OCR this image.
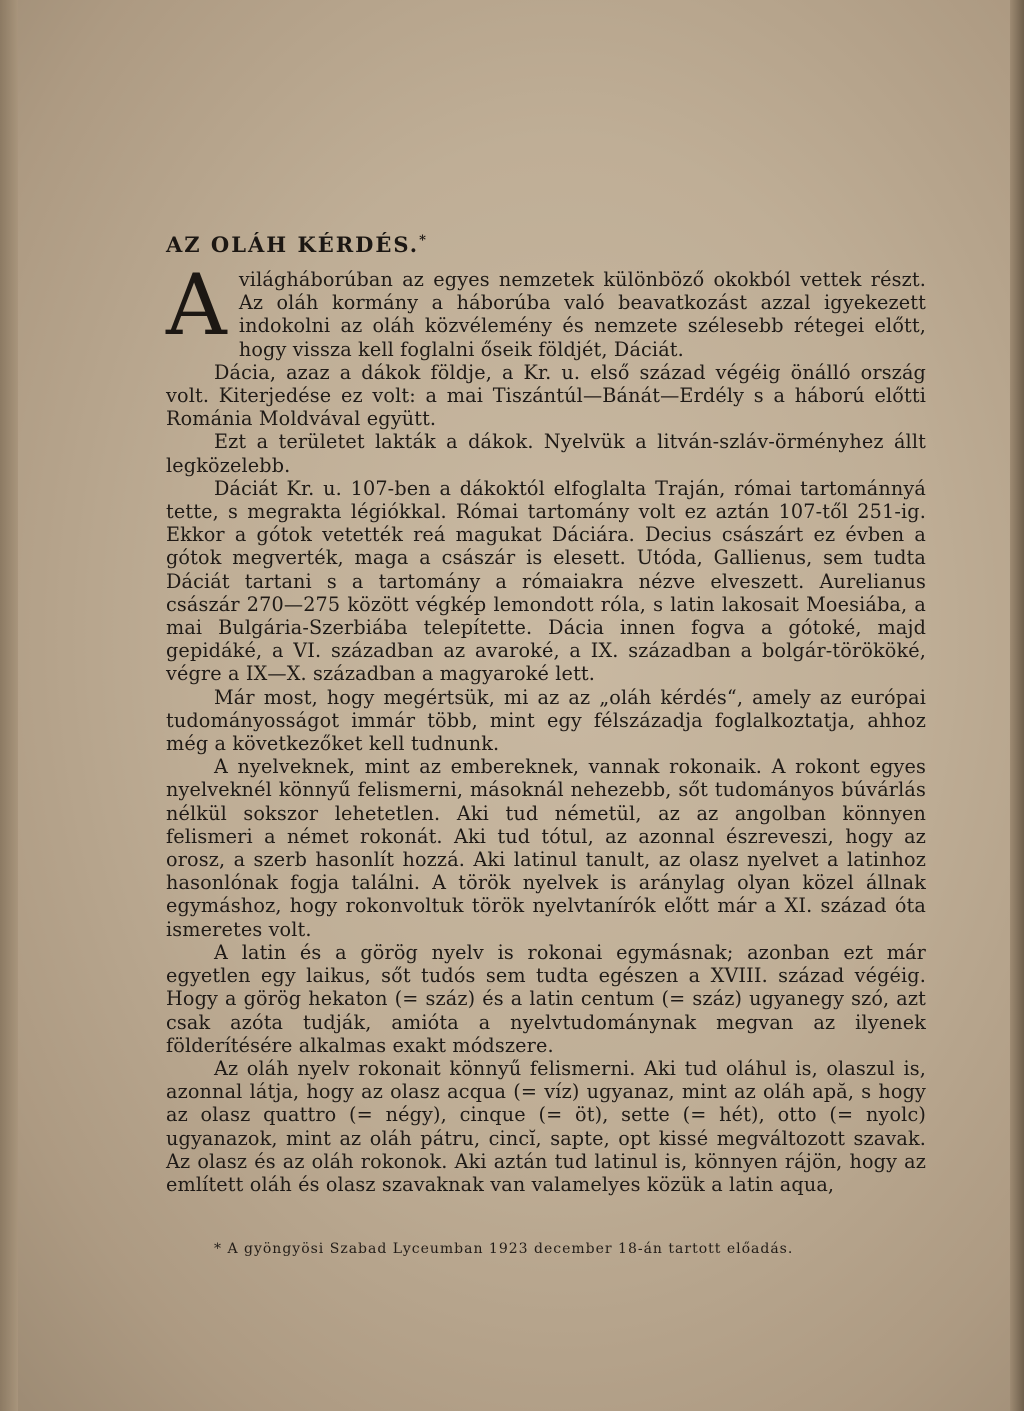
AZ OLÁH KÉRDÉS.*

Avilágháborúban az egyes nemzetek különböző okokból vettek részt. Az oláh kormány a háborúba való beavatkozást azzal igyekezett indokolni az oláh közvélemény és nemzete szélesebb rétegei előtt, hogy vissza kell foglalni őseik földjét, Dáciát.

Dácia, azaz a dákok földje, a Kr. u. első század végéig önálló ország volt. Kiterjedése ez volt: a mai Tiszántúl—Bánát—Erdély s a háború előtti Románia Moldvával együtt.

Ezt a területet lakták a dákok. Nyelvük a litván-szláv-örményhez állt legközelebb.

Dáciát Kr. u. 107-ben a dákoktól elfoglalta Traján, római tartománnyá tette, s megrakta légiókkal. Római tartomány volt ez aztán 107-től 251-ig. Ekkor a gótok vetették reá magukat Dáciára. Decius császárt ez évben a gótok megverték, maga a császár is elesett. Utóda, Gallienus, sem tudta Dáciát tartani s a tartomány a rómaiakra nézve elveszett. Aurelianus császár 270—275 között végkép lemondott róla, s latin lakosait Moesiába, a mai Bulgária-Szerbiába telepítette. Dácia innen fogva a gótoké, majd gepidáké, a VI. században az avaroké, a IX. században a bolgár-törököké, végre a IX—X. században a magyaroké lett.

Már most, hogy megértsük, mi az az „oláh kérdés“, amely az európai tudományosságot immár több, mint egy félszázadja foglalkoztatja, ahhoz még a következőket kell tudnunk.

A nyelveknek, mint az embereknek, vannak rokonaik. A rokont egyes nyelveknél könnyű felismerni, másoknál nehezebb, sőt tudományos búvárlás nélkül sokszor lehetetlen. Aki tud németül, az az angolban könnyen felismeri a német rokonát. Aki tud tótul, az azonnal észreveszi, hogy az orosz, a szerb hasonlít hozzá. Aki latinul tanult, az olasz nyelvet a latinhoz hasonlónak fogja találni. A török nyelvek is aránylag olyan közel állnak egymáshoz, hogy rokonvoltuk török nyelvtanírók előtt már a XI. század óta ismeretes volt.

A latin és a görög nyelv is rokonai egymásnak; azonban ezt már egyetlen egy laikus, sőt tudós sem tudta egészen a XVIII. század végéig. Hogy a görög hekaton (= száz) és a latin centum (= száz) ugyanegy szó, azt csak azóta tudják, amióta a nyelvtudománynak megvan az ilyenek földerítésére alkalmas exakt módszere.

Az oláh nyelv rokonait könnyű felismerni. Aki tud oláhul is, olaszul is, azonnal látja, hogy az olasz acqua (= víz) ugyanaz, mint az oláh apă, s hogy az olasz quattro (= négy), cinque (= öt), sette (= hét), otto (= nyolc) ugyanazok, mint az oláh pátru, cincĭ, sapte, opt kissé megváltozott szavak. Az olasz és az oláh rokonok. Aki aztán tud latinul is, könnyen rájön, hogy az említett oláh és olasz szavaknak van valamelyes közük a latin aqua,

* A gyöngyösi Szabad Lyceumban 1923 december 18-án tartott előadás.
